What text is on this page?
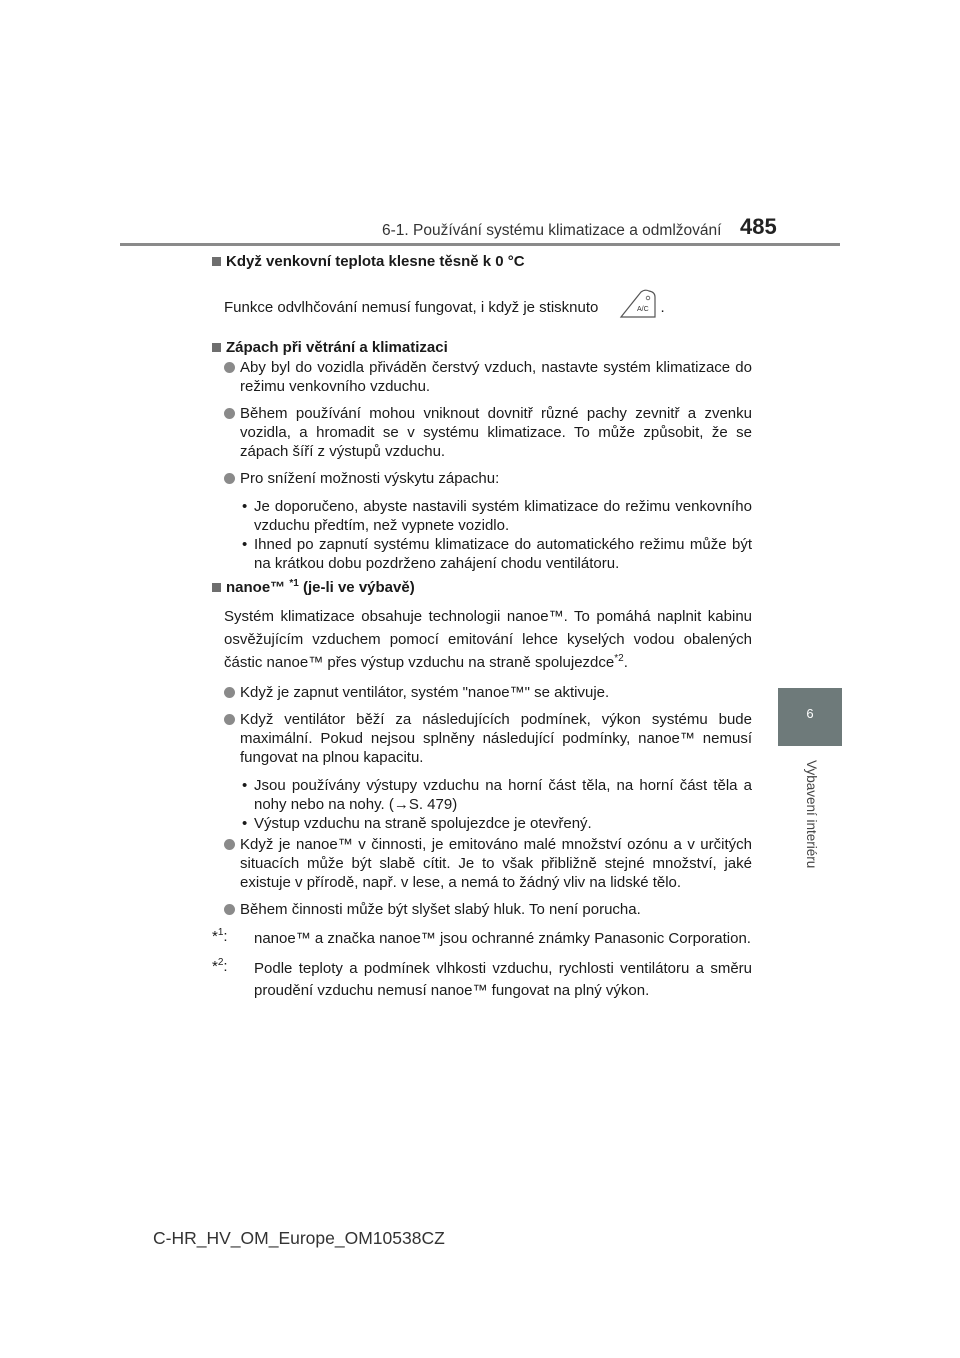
6-1. Používání systému klimatizace a odmlžování 485
6
Vybavení interiéru

Když venkovní teplota klesne těsně k 0 °C

Funkce odvlhčování nemusí fungovat, i když je stisknuto	A/C .

Zápach při větrání a klimatizaci

Aby byl do vozidla přiváděn čerstvý vzduch, nastavte systém klimatizace do režimu venkovního vzduchu.

Během používání mohou vniknout dovnitř různé pachy zevnitř a zvenku vozidla, a hromadit se v systému klimatizace. To může způsobit, že se zápach šíří z výstupů vzduchu.

Pro snížení možnosti výskytu zápachu:

• Je doporučeno, abyste nastavili systém klimatizace do režimu venkovního vzduchu předtím, než vypnete vozidlo.

• Ihned po zapnutí systému klimatizace do automatického režimu může být na krátkou dobu pozdrženo zahájení chodu ventilátoru.

nanoe™ $^{*1}$ (je-li ve výbavě)

Systém klimatizace obsahuje technologii nanoe™. To pomáhá naplnit kabinu osvěžujícím vzduchem pomocí emitování lehce kyselých vodou obalených částic nanoe™ přes výstup vzduchu na straně spolujezdce$^{*2}$.

Když je zapnut ventilátor, systém "nanoe™" se aktivuje.

Když ventilátor běží za následujících podmínek, výkon systému bude maximální. Pokud nejsou splněny následující podmínky, nanoe™ nemusí fungovat na plnou kapacitu.

• Jsou používány výstupy vzduchu na horní část těla, na horní část těla a nohy nebo na nohy. (→S. 479)

• Výstup vzduchu na straně spolujezdce je otevřený.

Když je nanoe™ v činnosti, je emitováno malé množství ozónu a v určitých situacích může být slabě cítit. Je to však přibližně stejné množství, jaké existuje v přírodě, např. v lese, a nemá to žádný vliv na lidské tělo.

Během činnosti může být slyšet slabý hluk. To není porucha.

*$^1$: nanoe™ a značka nanoe™ jsou ochranné známky Panasonic Corporation.

*$^2$: Podle teploty a podmínek vlhkosti vzduchu, rychlosti ventilátoru a směru proudění vzduchu nemusí nanoe™ fungovat na plný výkon.

C-HR_HV_OM_Europe_OM10538CZ
